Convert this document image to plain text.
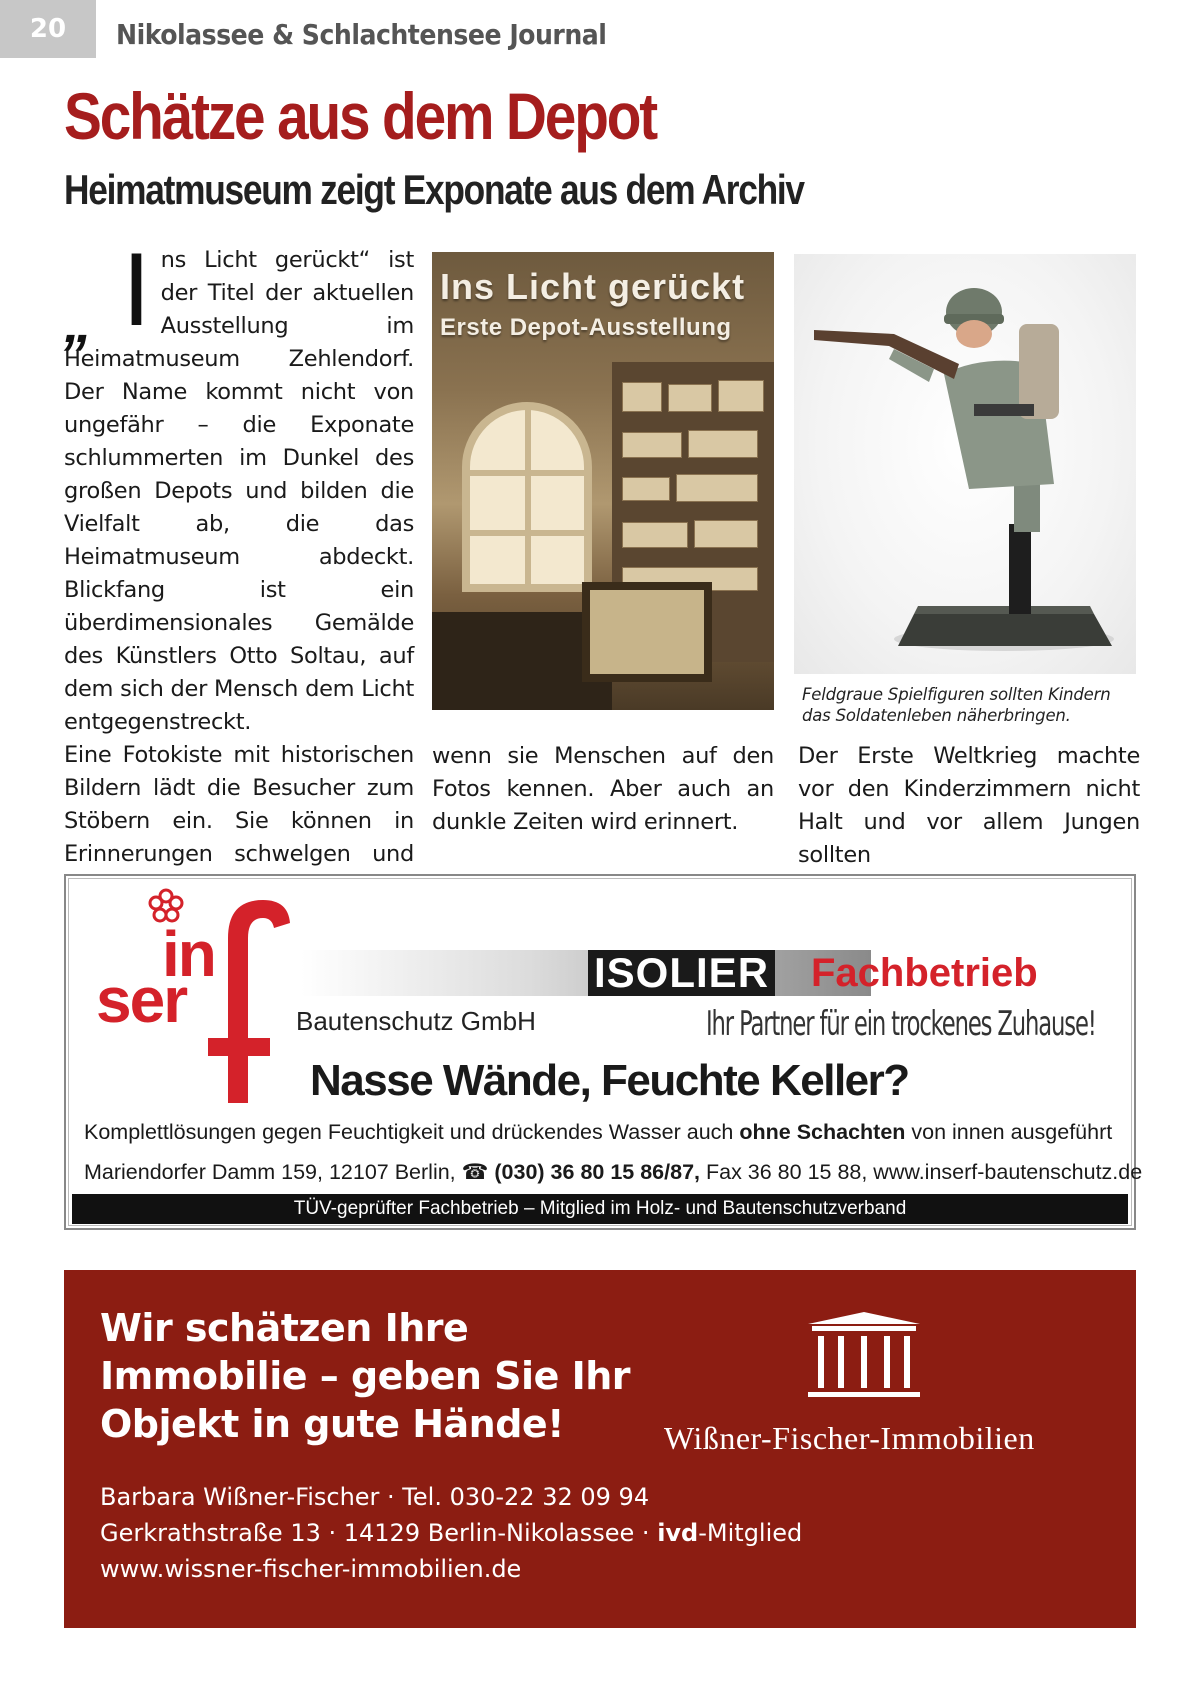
20	Nikolassee & Schlachtensee Journal
Schätze aus dem Depot
Heimatmuseum zeigt Exponate aus dem Archiv
„ I ns Licht gerückt“ ist der Titel der aktuellen Ausstellung im Heimatmuseum Zehlendorf. Der Name kommt nicht von ungefähr – die Exponate schlummerten im Dunkel des großen Depots und bilden die Vielfalt ab, die das Heimatmuseum abdeckt. Blickfang ist ein überdimensionales Gemälde des Künstlers Otto Soltau, auf dem sich der Mensch dem Licht entgegenstreckt.
Eine Fotokiste mit historischen Bildern lädt die Besucher zum Stöbern ein. Sie können in Erinnerungen schwelgen und
Ins Licht gerückt
Erste Depot-Ausstellung
Feldgraue Spielfiguren sollten Kindern das Soldatenleben näherbringen.
wenn sie Menschen auf den Fotos kennen. Aber auch an dunkle Zeiten wird erinnert.
Der Erste Weltkrieg machte vor den Kinderzimmern nicht Halt und vor allem Jungen sollten
in
ser	ISOLIER Fachbetrieb
Bautenschutz GmbH	Ihr Partner für ein trockenes Zuhause!
Nasse Wände, Feuchte Keller?
Komplettlösungen gegen Feuchtigkeit und drückendes Wasser auch ohne Schachten von innen ausgeführt
Mariendorfer Damm 159, 12107 Berlin, ☎ (030) 36 80 15 86/87, Fax 36 80 15 88, www.inserf-bautenschutz.de
TÜV-geprüfter Fachbetrieb – Mitglied im Holz- und Bautenschutzverband
Wir schätzen Ihre Immobilie – geben Sie Ihr Objekt in gute Hände!	Wißner-Fischer-Immobilien
Barbara Wißner-Fischer · Tel. 030-22 32 09 94
Gerkrathstraße 13 · 14129 Berlin-Nikolassee · ivd-Mitglied
www.wissner-fischer-immobilien.de
